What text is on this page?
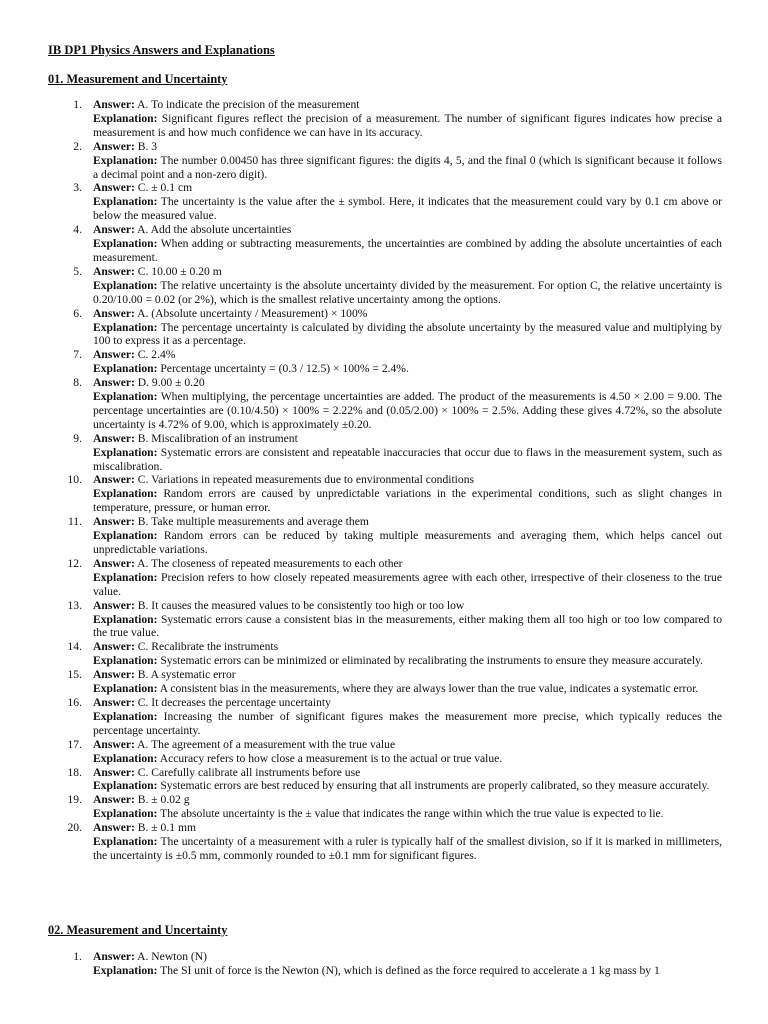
IB DP1 Physics Answers and Explanations
01. Measurement and Uncertainty
1. Answer: A. To indicate the precision of the measurement
Explanation: Significant figures reflect the precision of a measurement. The number of significant figures indicates how precise a measurement is and how much confidence we can have in its accuracy.
2. Answer: B. 3
Explanation: The number 0.00450 has three significant figures: the digits 4, 5, and the final 0 (which is significant because it follows a decimal point and a non-zero digit).
3. Answer: C. ± 0.1 cm
Explanation: The uncertainty is the value after the ± symbol. Here, it indicates that the measurement could vary by 0.1 cm above or below the measured value.
4. Answer: A. Add the absolute uncertainties
Explanation: When adding or subtracting measurements, the uncertainties are combined by adding the absolute uncertainties of each measurement.
5. Answer: C. 10.00 ± 0.20 m
Explanation: The relative uncertainty is the absolute uncertainty divided by the measurement. For option C, the relative uncertainty is 0.20/10.00 = 0.02 (or 2%), which is the smallest relative uncertainty among the options.
6. Answer: A. (Absolute uncertainty / Measurement) × 100%
Explanation: The percentage uncertainty is calculated by dividing the absolute uncertainty by the measured value and multiplying by 100 to express it as a percentage.
7. Answer: C. 2.4%
Explanation: Percentage uncertainty = (0.3 / 12.5) × 100% = 2.4%.
8. Answer: D. 9.00 ± 0.20
Explanation: When multiplying, the percentage uncertainties are added. The product of the measurements is 4.50 × 2.00 = 9.00. The percentage uncertainties are (0.10/4.50) × 100% = 2.22% and (0.05/2.00) × 100% = 2.5%. Adding these gives 4.72%, so the absolute uncertainty is 4.72% of 9.00, which is approximately ±0.20.
9. Answer: B. Miscalibration of an instrument
Explanation: Systematic errors are consistent and repeatable inaccuracies that occur due to flaws in the measurement system, such as miscalibration.
10. Answer: C. Variations in repeated measurements due to environmental conditions
Explanation: Random errors are caused by unpredictable variations in the experimental conditions, such as slight changes in temperature, pressure, or human error.
11. Answer: B. Take multiple measurements and average them
Explanation: Random errors can be reduced by taking multiple measurements and averaging them, which helps cancel out unpredictable variations.
12. Answer: A. The closeness of repeated measurements to each other
Explanation: Precision refers to how closely repeated measurements agree with each other, irrespective of their closeness to the true value.
13. Answer: B. It causes the measured values to be consistently too high or too low
Explanation: Systematic errors cause a consistent bias in the measurements, either making them all too high or too low compared to the true value.
14. Answer: C. Recalibrate the instruments
Explanation: Systematic errors can be minimized or eliminated by recalibrating the instruments to ensure they measure accurately.
15. Answer: B. A systematic error
Explanation: A consistent bias in the measurements, where they are always lower than the true value, indicates a systematic error.
16. Answer: C. It decreases the percentage uncertainty
Explanation: Increasing the number of significant figures makes the measurement more precise, which typically reduces the percentage uncertainty.
17. Answer: A. The agreement of a measurement with the true value
Explanation: Accuracy refers to how close a measurement is to the actual or true value.
18. Answer: C. Carefully calibrate all instruments before use
Explanation: Systematic errors are best reduced by ensuring that all instruments are properly calibrated, so they measure accurately.
19. Answer: B. ± 0.02 g
Explanation: The absolute uncertainty is the ± value that indicates the range within which the true value is expected to lie.
20. Answer: B. ± 0.1 mm
Explanation: The uncertainty of a measurement with a ruler is typically half of the smallest division, so if it is marked in millimeters, the uncertainty is ±0.5 mm, commonly rounded to ±0.1 mm for significant figures.
02. Measurement and Uncertainty
1. Answer: A. Newton (N)
Explanation: The SI unit of force is the Newton (N), which is defined as the force required to accelerate a 1 kg mass by 1
